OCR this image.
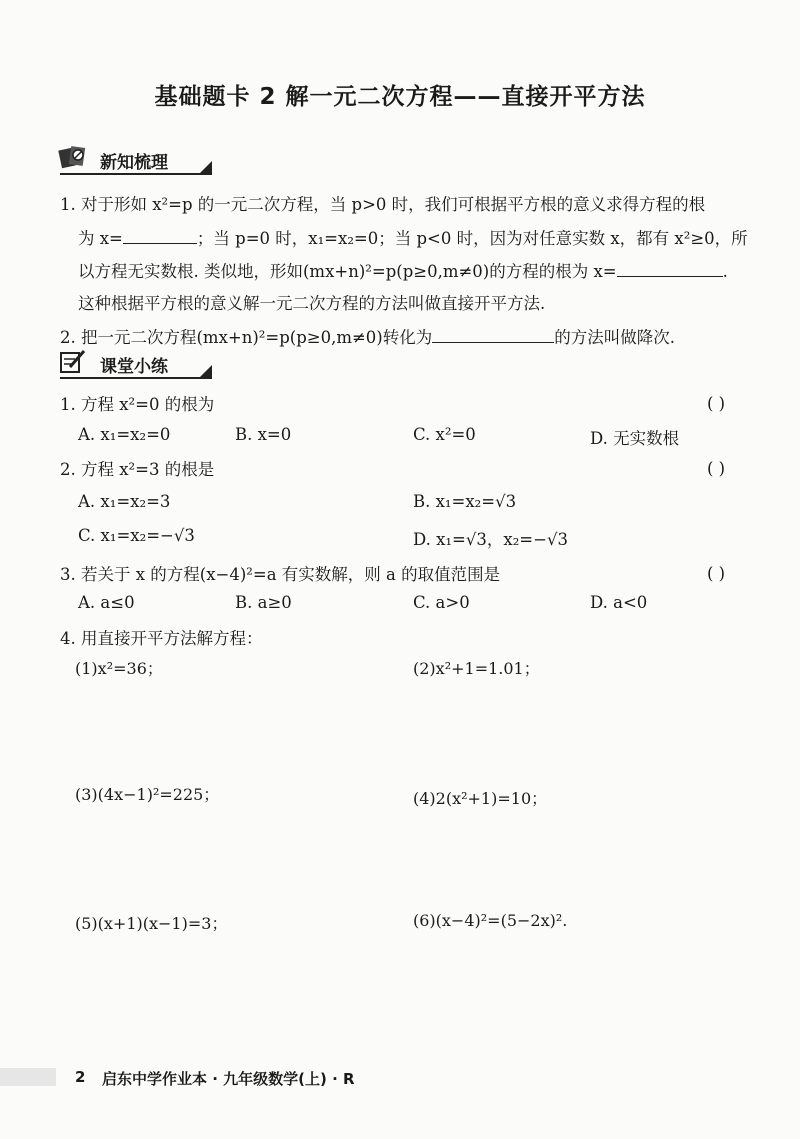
基础题卡 2 解一元二次方程——直接开平方法
新知梳理
1. 对于形如 x²=p 的一元二次方程，当 p>0 时，我们可根据平方根的意义求得方程的根
为 x=	；当 p=0 时，x₁=x₂=0；当 p<0 时，因为对任意实数 x，都有 x²≥0，所
以方程无实数根. 类似地，形如(mx+n)²=p(p≥0,m≠0)的方程的根为 x=	.
这种根据平方根的意义解一元二次方程的方法叫做直接开平方法.
2. 把一元二次方程(mx+n)²=p(p≥0,m≠0)转化为	的方法叫做降次.
课堂小练
1. 方程 x²=0 的根为	( )
A. x₁=x₂=0	B. x=0	C. x²=0	D. 无实数根
2. 方程 x²=3 的根是	( )
A. x₁=x₂=3	B. x₁=x₂=√3
C. x₁=x₂=−√3	D. x₁=√3，x₂=−√3
3. 若关于 x 的方程(x−4)²=a 有实数解，则 a 的取值范围是	( )
A. a≤0	B. a≥0	C. a>0	D. a<0
4. 用直接开平方法解方程：
(1)x²=36；	(2)x²+1=1.01；
(3)(4x−1)²=225；	(4)2(x²+1)=10；
(5)(x+1)(x−1)=3；	(6)(x−4)²=(5−2x)².
2 启东中学作业本 · 九年级数学(上) · R
